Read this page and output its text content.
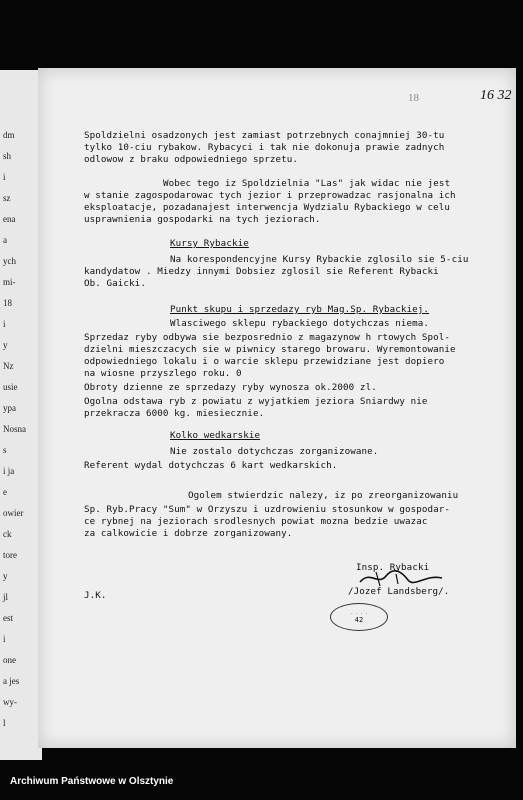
dm
sh
i
sz
ena
a
ych
mi-
18
i
y
Nz
usie
ypa
Nosna
s
i ja
e
owier
ck
tore
y
jl
est
i
one
a jes
wy-
l
18	16 32
Spoldzielni osadzonych jest zamiast potrzebnych conajmniej 30-tu
tylko 10-ciu rybakow. Rybacyci i tak nie dokonuja prawie zadnych
odlowow z braku odpowiedniego sprzetu.
Wobec tego iz Spoldzielnia "Las" jak widac nie jest
w stanie zagospodarowac tych jezior i przeprowadzac rasjonalna ich
eksploatacje, pozadanajest interwencja Wydzialu Rybackiego w celu
usprawnienia gospodarki na tych jeziorach.
Kursy Rybackie
Na korespondencyjne Kursy Rybackie zglosilo sie 5-ciu
kandydatow . Miedzy innymi Dobsiez zglosil sie Referent Rybacki
Ob. Gaicki.
Punkt skupu i sprzedazy ryb Mag.Sp. Rybackiej.
Wlasciwego sklepu rybackiego dotychczas niema.
Sprzedaz ryby odbywa sie bezposrednio z magazynow h rtowych Spol-
dzielni mieszczacych sie w piwnicy starego browaru. Wyremontowanie
odpowiedniego lokalu i o warcie sklepu przewidziane jest dopiero
na wiosne przyszlego roku. 0
Obroty dzienne ze sprzedazy ryby wynosza ok.2000 zl.
Ogolna odstawa ryb z powiatu z wyjatkiem jeziora Sniardwy nie
przekracza 6000 kg. miesiecznie.
Kolko wedkarskie
Nie zostalo dotychczas zorganizowane.
Referent wydal dotychczas 6 kart wedkarskich.
Ogolem stwierdzic nalezy, iz po zreorganizowaniu
Sp. Ryb.Pracy "Sum" w Orzyszu i uzdrowieniu stosunkow w gospodar-
ce rybnej na jeziorach srodlesnych powiat mozna bedzie uwazac
za calkowicie i dobrze zorganizowany.
Insp. Rybacki
/Jozef Landsberg/.
J.K.
· · · ·
42
Archiwum Państwowe w Olsztynie
